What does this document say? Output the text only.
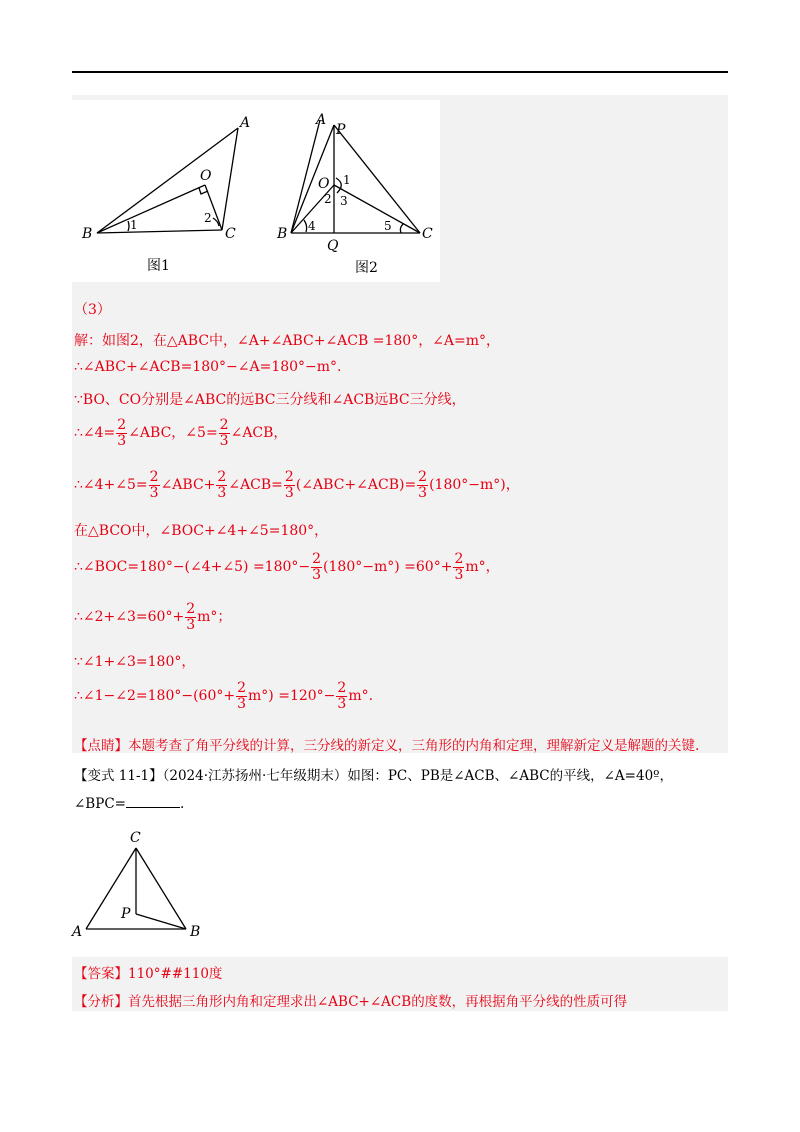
A
B	C
O
1	2
图1
A
P
O
B	C
Q
1
2 3
4	5
图2
（3）
解：如图2，在△ABC中，∠A+∠ABC+∠ACB =180°，∠A=m°，
∴∠ABC+∠ACB=180°−∠A=180°−m°.
∵BO、CO分别是∠ABC的远BC三分线和∠ACB远BC三分线，
∴∠4= $\frac{2}{3}$ ∠ABC，∠5= $\frac{2}{3}$ ∠ACB，
∴∠4+∠5= $\frac{2}{3}$ ∠ABC+ $\frac{2}{3}$ ∠ACB= $\frac{2}{3}$ (∠ABC+∠ACB)= $\frac{2}{3} (180^\circ-m^\circ)$，
在△BCO中，∠BOC+∠4+∠5=180°，
∴∠BOC=180°−(∠4+∠5) $=180^\circ- \frac{2}{3} (180^\circ-m^\circ) =60^\circ+ \frac{2}{3} m^\circ$，
∴∠2+∠3=60°+ $\frac{2}{3} m^\circ$；
∵∠1+∠3=180°，
∴∠1−∠2=180°−(60°+ $\frac{2}{3} m^\circ) =120^\circ- \frac{2}{3} m^\circ$.
【点睛】本题考查了角平分线的计算，三分线的新定义，三角形的内角和定理，理解新定义是解题的关键.
【变式 11-1】（2024·江苏扬州·七年级期末）如图：PC、PB是∠ACB、∠ABC的平线，∠A=40º，
∠BPC=	.
C
P
A	B
【答案】110°##110度
【分析】首先根据三角形内角和定理求出∠ABC+∠ACB的度数，再根据角平分线的性质可得
